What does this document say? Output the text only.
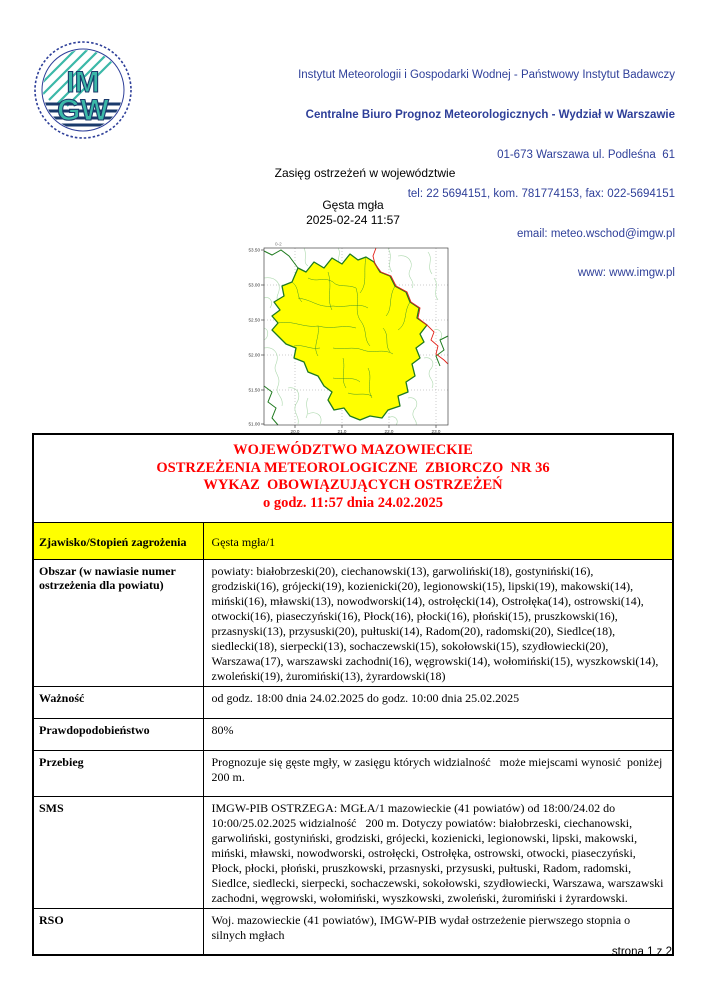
IM
GW

Instytut Meteorologii i Gospodarki Wodnej - Państwowy Instytut Badawczy

Centralne Biuro Prognoz Meteorologicznych - Wydział w Warszawie

01-673 Warszawa ul. Podleśna  61

tel: 22 5694151, kom. 781774153, fax: 022-5694151

email: meteo.wschod@imgw.pl

www: www.imgw.pl

Zasięg ostrzeżeń w województwie
Gęsta mgła
2025-02-24 11:57
0-2
53.50
53.00
52.50
52.00
51.50
51.00
20.0	21.0	22.0	23.0
WOJEWÓDZTWO MAZOWIECKIE
OSTRZEŻENIA METEOROLOGICZNE  ZBIORCZO  NR 36
WYKAZ  OBOWIĄZUJĄCYCH OSTRZEŻEŃ
o godz. 11:57 dnia 24.02.2025	

Zjawisko/Stopień zagrożenia	Gęsta mgła/1
Obszar (w nawiasie numer ostrzeżenia dla powiatu)	powiaty: białobrzeski(20), ciechanowski(13), garwoliński(18), gostyniński(16), grodziski(16), grójecki(19), kozienicki(20), legionowski(15), lipski(19), makowski(14), miński(16), mławski(13), nowodworski(14), ostrołęcki(14), Ostrołęka(14), ostrowski(14), otwocki(16), piaseczyński(16), Płock(16), płocki(16), płoński(15), pruszkowski(16), przasnyski(13), przysuski(20), pułtuski(14), Radom(20), radomski(20), Siedlce(18), siedlecki(18), sierpecki(13), sochaczewski(15), sokołowski(15), szydłowiecki(20), Warszawa(17), warszawski zachodni(16), węgrowski(14), wołomiński(15), wyszkowski(14), zwoleński(19), żuromiński(13), żyrardowski(18)
Ważność	od godz. 18:00 dnia 24.02.2025 do godz. 10:00 dnia 25.02.2025
Prawdopodobieństwo	80%
Przebieg	Prognozuje się gęste mgły, w zasięgu których widzialność   może miejscami wynosić  poniżej 200 m.
SMS	IMGW-PIB OSTRZEGA: MGŁA/1 mazowieckie (41 powiatów) od 18:00/24.02 do 10:00/25.02.2025 widzialność   200 m. Dotyczy powiatów: białobrzeski, ciechanowski, garwoliński, gostyniński, grodziski, grójecki, kozienicki, legionowski, lipski, makowski, miński, mławski, nowodworski, ostrołęcki, Ostrołęka, ostrowski, otwocki, piaseczyński, Płock, płocki, płoński, pruszkowski, przasnyski, przysuski, pułtuski, Radom, radomski, Siedlce, siedlecki, sierpecki, sochaczewski, sokołowski, szydłowiecki, Warszawa, warszawski zachodni, węgrowski, wołomiński, wyszkowski, zwoleński, żuromiński i żyrardowski.
RSO	Woj. mazowieckie (41 powiatów), IMGW-PIB wydał ostrzeżenie pierwszego stopnia o silnych mgłach
strona 1 z 2
